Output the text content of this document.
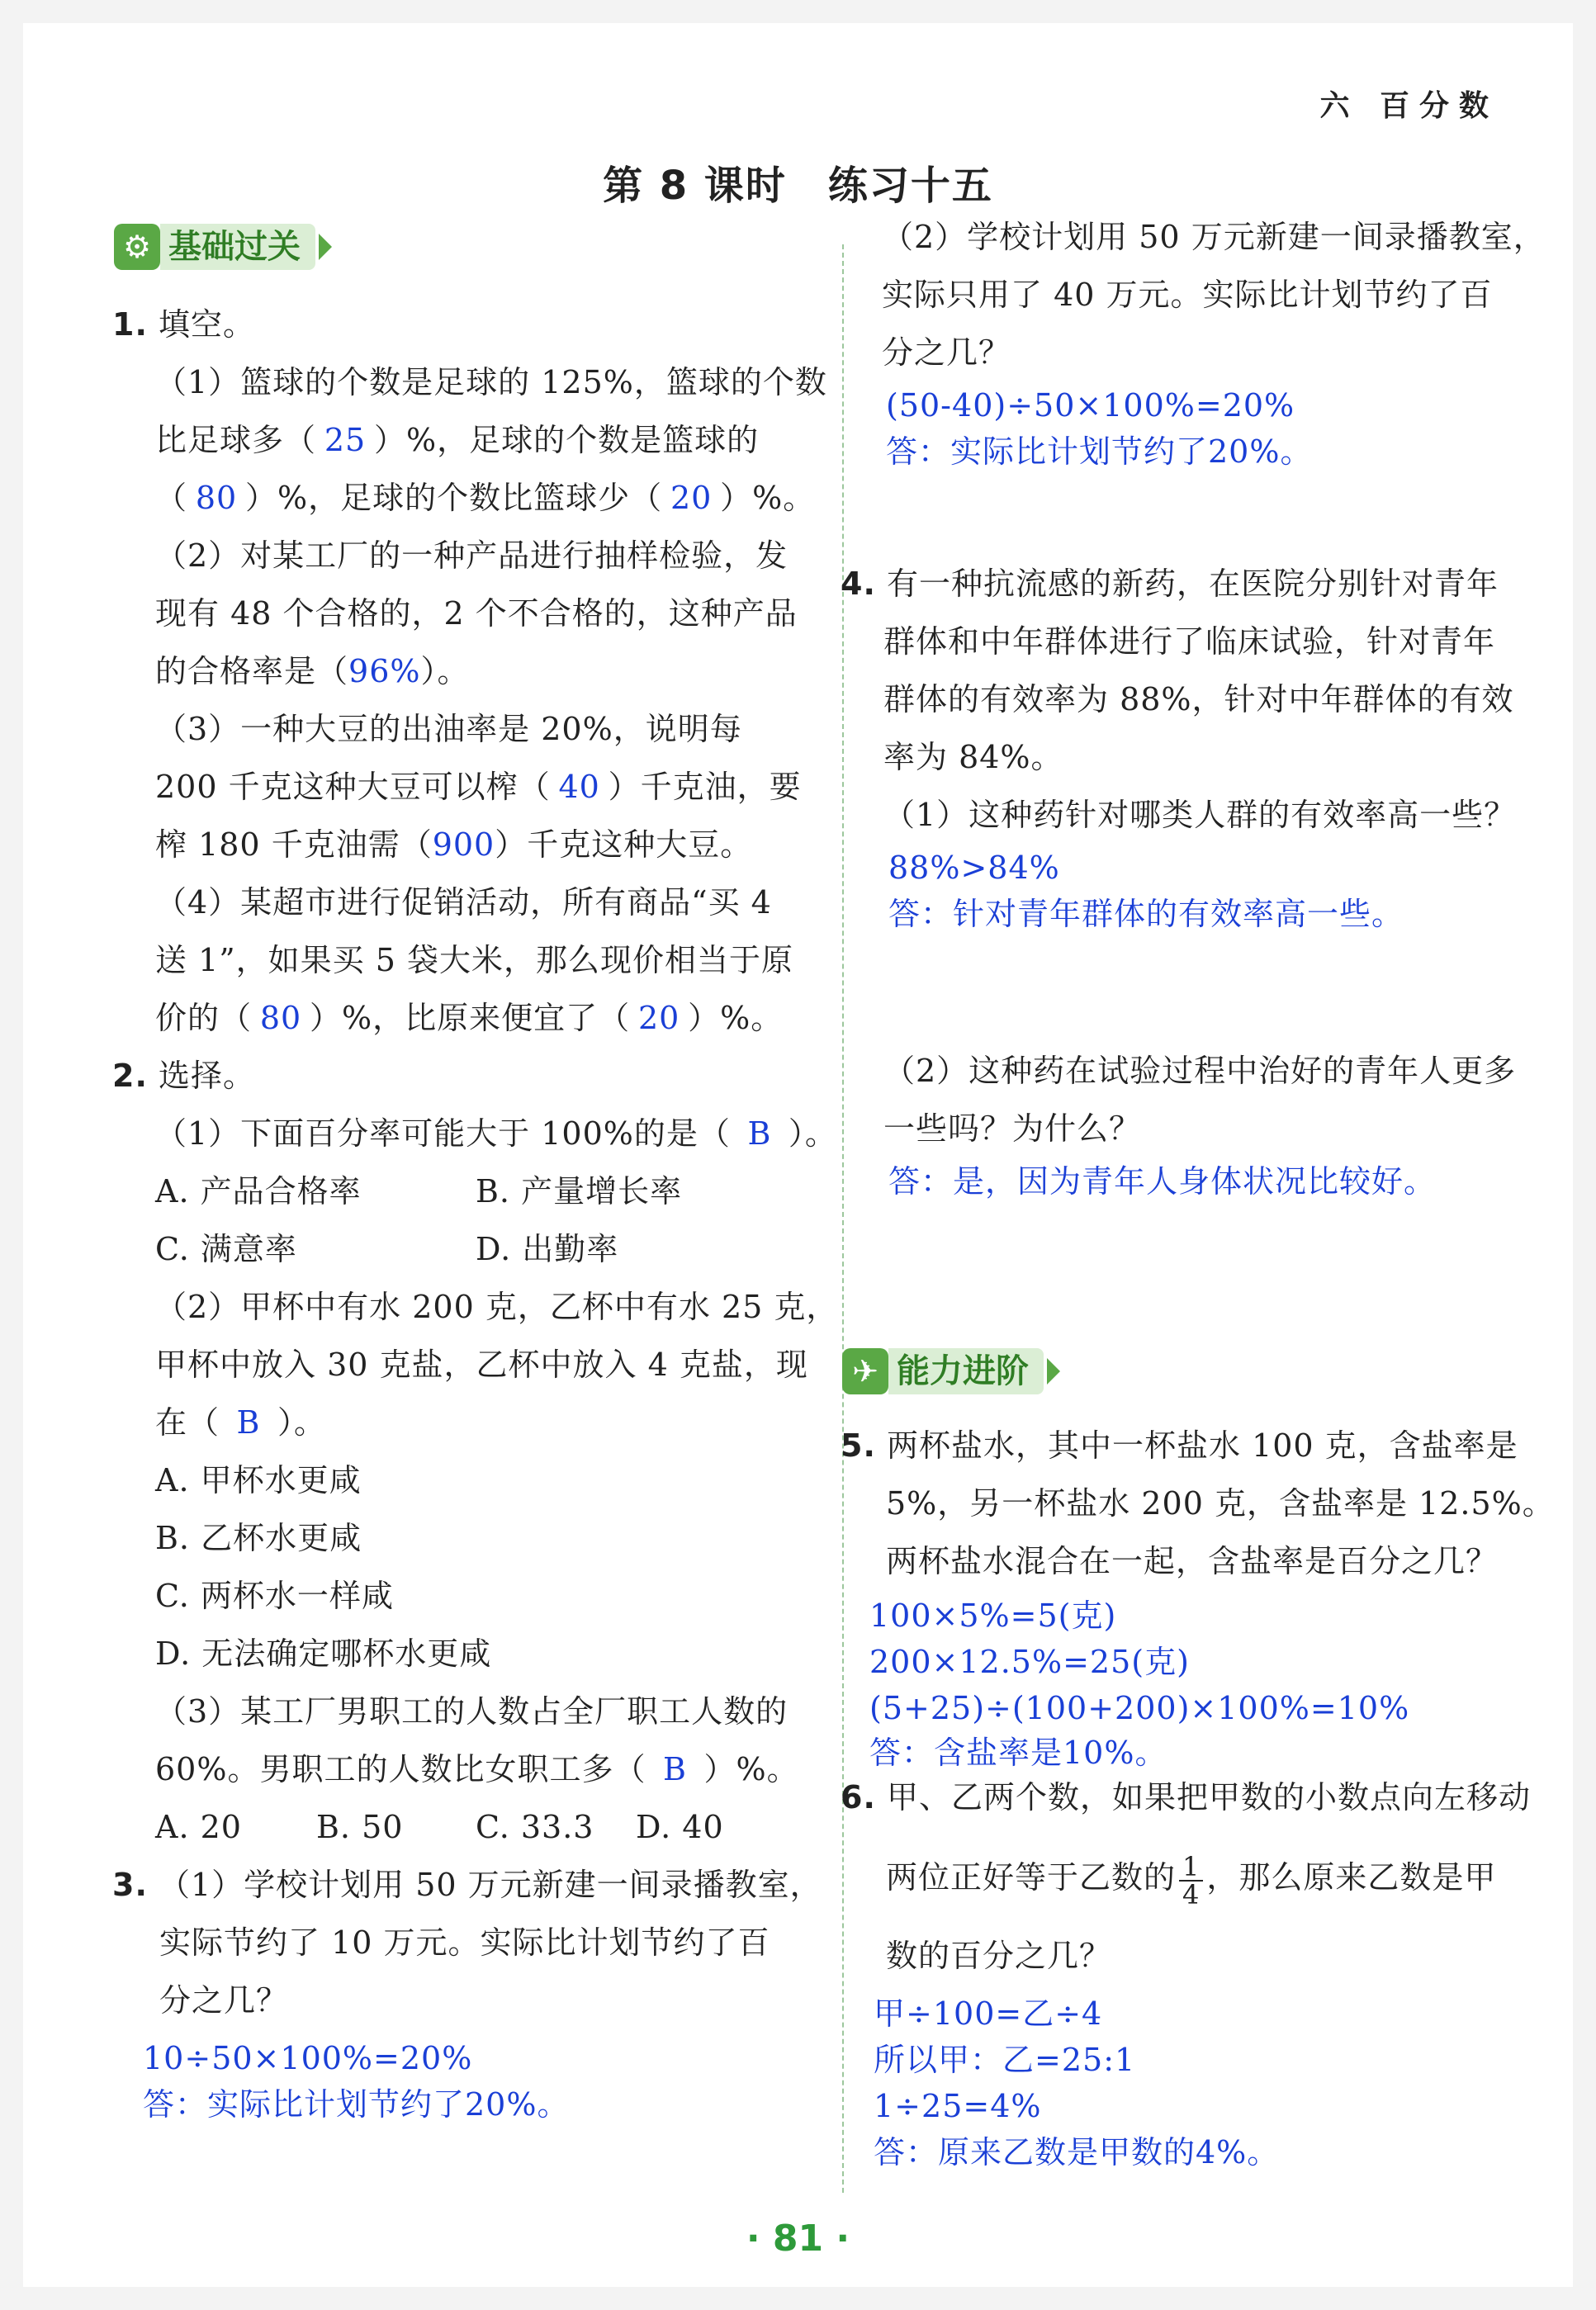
六 百分数
第 8 课时　练习十五
⚙ 基础过关
1. 填空。
（1）篮球的个数是足球的 125%，篮球的个数
比足球多（ 25 ）%，足球的个数是篮球的
（ 80 ）%，足球的个数比篮球少（ 20 ）%。
（2）对某工厂的一种产品进行抽样检验，发
现有 48 个合格的，2 个不合格的，这种产品
的合格率是（96%）。
（3）一种大豆的出油率是 20%，说明每
200 千克这种大豆可以榨（ 40 ）千克油，要
榨 180 千克油需（900）千克这种大豆。
（4）某超市进行促销活动，所有商品“买 4
送 1”，如果买 5 袋大米，那么现价相当于原
价的（ 80 ）%，比原来便宜了（ 20 ）%。
2. 选择。
（1）下面百分率可能大于 100%的是（ B ）。
A. 产品合格率	B. 产量增长率
C. 满意率	D. 出勤率
（2）甲杯中有水 200 克，乙杯中有水 25 克，
甲杯中放入 30 克盐，乙杯中放入 4 克盐，现
在（ B ）。
A. 甲杯水更咸
B. 乙杯水更咸
C. 两杯水一样咸
D. 无法确定哪杯水更咸
（3）某工厂男职工的人数占全厂职工人数的
60%。男职工的人数比女职工多（ B ）%。
A. 20 B. 50 C. 33.3 D. 40
3. （1）学校计划用 50 万元新建一间录播教室，
实际节约了 10 万元。实际比计划节约了百
分之几？
10÷50×100%=20%
答：实际比计划节约了20%。
（2）学校计划用 50 万元新建一间录播教室，
实际只用了 40 万元。实际比计划节约了百
分之几？
(50-40)÷50×100%=20%
答：实际比计划节约了20%。
4. 有一种抗流感的新药，在医院分别针对青年
群体和中年群体进行了临床试验，针对青年
群体的有效率为 88%，针对中年群体的有效
率为 84%。
（1）这种药针对哪类人群的有效率高一些？
88%>84%
答：针对青年群体的有效率高一些。
（2）这种药在试验过程中治好的青年人更多
一些吗？为什么？
答：是，因为青年人身体状况比较好。
✈ 能力进阶
5. 两杯盐水，其中一杯盐水 100 克，含盐率是
5%，另一杯盐水 200 克，含盐率是 12.5%。
两杯盐水混合在一起，含盐率是百分之几？
100×5%=5(克)
200×12.5%=25(克)
(5+25)÷(100+200)×100%=10%
答：含盐率是10%。
6. 甲、乙两个数，如果把甲数的小数点向左移动
两位正好等于乙数的 $\frac{1}{4}$ ，那么原来乙数是甲
数的百分之几？
甲÷100=乙÷4
所以甲：乙=25:1
1÷25=4%
答：原来乙数是甲数的4%。
· 81 ·
